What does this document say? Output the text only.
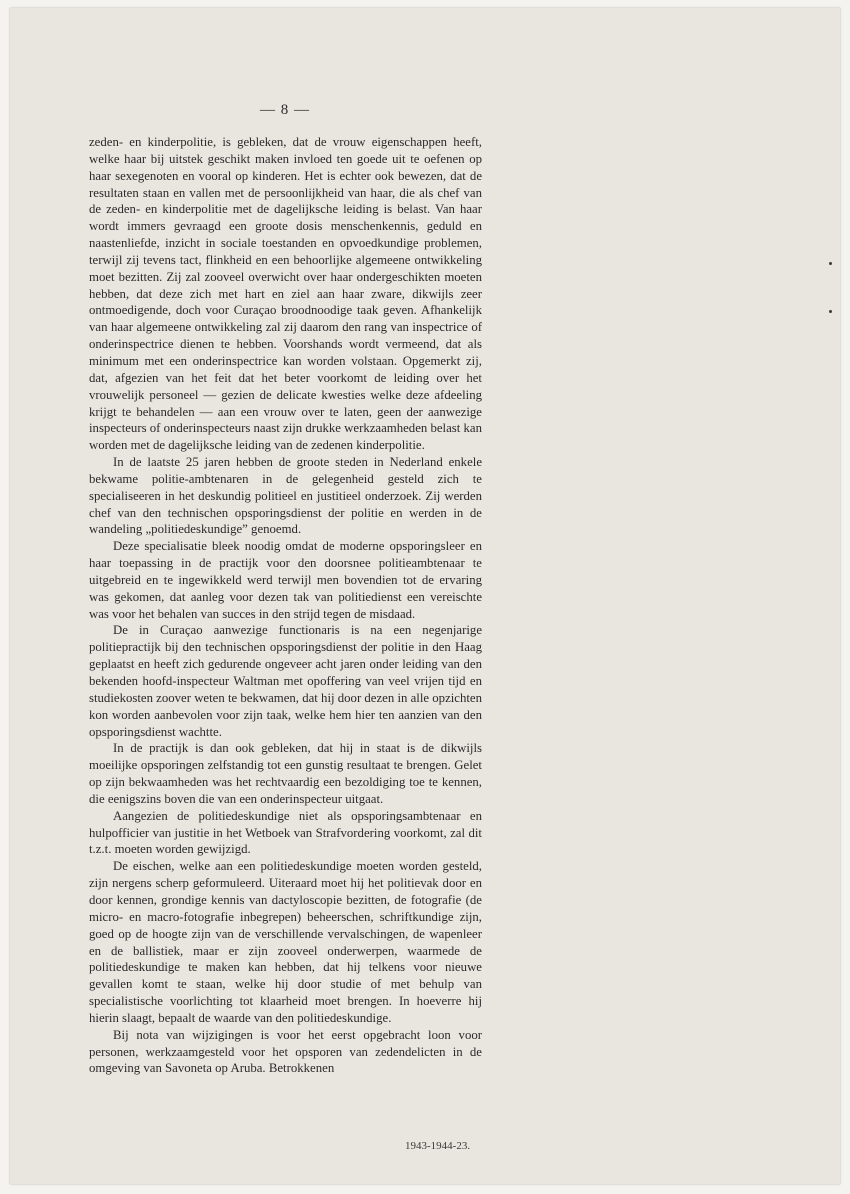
— 8 —

zeden- en kinderpolitie, is gebleken, dat de vrouw eigenschappen heeft, welke haar bij uitstek geschikt maken invloed ten goede uit te oefenen op haar sexegenoten en vooral op kinderen. Het is echter ook bewezen, dat de resultaten staan en vallen met de persoonlijkheid van haar, die als chef van de zeden- en kinderpolitie met de dagelijksche leiding is belast. Van haar wordt immers gevraagd een groote dosis menschenkennis, geduld en naastenliefde, inzicht in sociale toestanden en opvoedkundige problemen, terwijl zij tevens tact, flinkheid en een behoorlijke algemeene ontwikkeling moet bezitten. Zij zal zooveel overwicht over haar ondergeschikten moeten hebben, dat deze zich met hart en ziel aan haar zware, dikwijls zeer ontmoedigende, doch voor Curaçao broodnoodige taak geven. Afhankelijk van haar algemeene ontwikkeling zal zij daarom den rang van inspectrice of onderinspectrice dienen te hebben. Voorshands wordt vermeend, dat als minimum met een onderinspectrice kan worden volstaan. Opgemerkt zij, dat, afgezien van het feit dat het beter voorkomt de leiding over het vrouwelijk personeel — gezien de delicate kwesties welke deze afdeeling krijgt te behandelen — aan een vrouw over te laten, geen der aanwezige inspecteurs of onderinspecteurs naast zijn drukke werkzaamheden belast kan worden met de dagelijksche leiding van de zedenen kinderpolitie.

In de laatste 25 jaren hebben de groote steden in Nederland enkele bekwame politie-ambtenaren in de gelegenheid gesteld zich te specialiseeren in het deskundig politieel en justitieel onderzoek. Zij werden chef van den technischen opsporingsdienst der politie en werden in de wandeling „politiedeskundige” genoemd.

Deze specialisatie bleek noodig omdat de moderne opsporingsleer en haar toepassing in de practijk voor den doorsnee politieambtenaar te uitgebreid en te ingewikkeld werd terwijl men bovendien tot de ervaring was gekomen, dat aanleg voor dezen tak van politiedienst een vereischte was voor het behalen van succes in den strijd tegen de misdaad.

De in Curaçao aanwezige functionaris is na een negenjarige politiepractijk bij den technischen opsporingsdienst der politie in den Haag geplaatst en heeft zich gedurende ongeveer acht jaren onder leiding van den bekenden hoofd-inspecteur Waltman met opoffering van veel vrijen tijd en studiekosten zoover weten te bekwamen, dat hij door dezen in alle opzichten kon worden aanbevolen voor zijn taak, welke hem hier ten aanzien van den opsporingsdienst wachtte.

In de practijk is dan ook gebleken, dat hij in staat is de dikwijls moeilijke opsporingen zelfstandig tot een gunstig resultaat te brengen. Gelet op zijn bekwaamheden was het rechtvaardig een bezoldiging toe te kennen, die eenigszins boven die van een onderinspecteur uitgaat.

Aangezien de politiedeskundige niet als opsporingsambtenaar en hulpofficier van justitie in het Wetboek van Strafvordering voorkomt, zal dit t.z.t. moeten worden gewijzigd.

De eischen, welke aan een politiedeskundige moeten worden gesteld, zijn nergens scherp geformuleerd. Uiteraard moet hij het politievak door en door kennen, grondige kennis van dactyloscopie bezitten, de fotografie (de micro- en macro-fotografie inbegrepen) beheerschen, schriftkundige zijn, goed op de hoogte zijn van de verschillende vervalschingen, de wapenleer en de ballistiek, maar er zijn zooveel onderwerpen, waarmede de politiedeskundige te maken kan hebben, dat hij telkens voor nieuwe gevallen komt te staan, welke hij door studie of met behulp van specialistische voorlichting tot klaarheid moet brengen. In hoeverre hij hierin slaagt, bepaalt de waarde van den politiedeskundige.

Bij nota van wijzigingen is voor het eerst opgebracht loon voor personen, werkzaamgesteld voor het opsporen van zedendelicten in de omgeving van Savoneta op Aruba. Betrokkenen

1943-1944-23.
